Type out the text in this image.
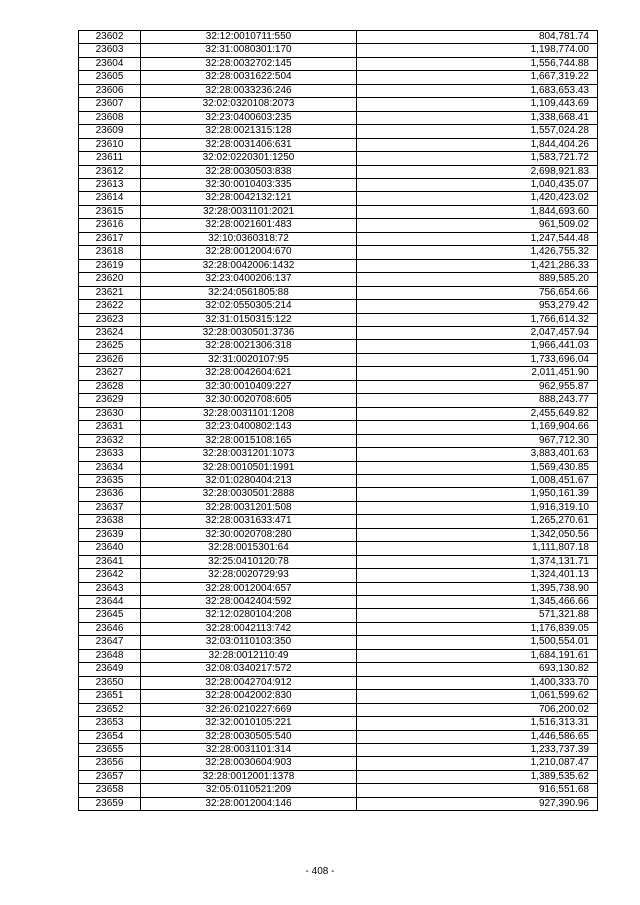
23602	32:12:0010711:550	804,781.74
23603	32:31:0080301:170	1,198,774.00
23604	32:28:0032702:145	1,556,744.88
23605	32:28:0031622:504	1,667,319.22
23606	32:28:0033236:246	1,683,653.43
23607	32:02:0320108:2073	1,109,443.69
23608	32:23:0400603:235	1,338,668.41
23609	32:28:0021315:128	1,557,024.28
23610	32:28:0031406:631	1,844,404.26
23611	32:02:0220301:1250	1,583,721.72
23612	32:28:0030503:838	2,698,921.83
23613	32:30:0010403:335	1,040,435.07
23614	32:28:0042132:121	1,420,423.02
23615	32:28:0031101:2021	1,844,693.60
23616	32:28:0021601:483	961,509.02
23617	32:10:0360318:72	1,247,544.48
23618	32:28:0012004:670	1,426,755.32
23619	32:28:0042006:1432	1,421,286.33
23620	32:23:0400206:137	889,585.20
23621	32:24:0561805:88	756,654.66
23622	32:02:0550305:214	953,279.42
23623	32:31:0150315:122	1,766,614.32
23624	32:28:0030501:3736	2,047,457.94
23625	32:28:0021306:318	1,966,441.03
23626	32:31:0020107:95	1,733,696.04
23627	32:28:0042604:621	2,011,451.90
23628	32:30:0010409:227	962,955.87
23629	32:30:0020708:605	888,243.77
23630	32:28:0031101:1208	2,455,649.82
23631	32:23:0400802:143	1,169,904.66
23632	32:28:0015108:165	967,712.30
23633	32:28:0031201:1073	3,883,401.63
23634	32:28:0010501:1991	1,569,430.85
23635	32:01:0280404:213	1,008,451.67
23636	32:28:0030501:2888	1,950,161.39
23637	32:28:0031201:508	1,916,319.10
23638	32:28:0031633:471	1,265,270.61
23639	32:30:0020708:280	1,342,050.56
23640	32:28:0015301:64	1,111,807.18
23641	32:25:0410120:78	1,374,131.71
23642	32:28:0020729:93	1,324,401.13
23643	32:28:0012004:657	1,395,738.90
23644	32:28:0042404:592	1,345,466.66
23645	32:12:0280104:208	571,321.88
23646	32:28:0042113:742	1,176,839.05
23647	32:03:0110103:350	1,500,554.01
23648	32:28:0012110:49	1,684,191.61
23649	32:08:0340217:572	693,130.82
23650	32:28:0042704:912	1,400,333.70
23651	32:28:0042002:830	1,061,599.62
23652	32:26:0210227:669	706,200.02
23653	32:32:0010105:221	1,516,313.31
23654	32:28:0030505:540	1,446,586.65
23655	32:28:0031101:314	1,233,737.39
23656	32:28:0030604:903	1,210,087.47
23657	32:28:0012001:1378	1,389,535.62
23658	32:05:0110521:209	916,551.68
23659	32:28:0012004:146	927,390.96
- 408 -
